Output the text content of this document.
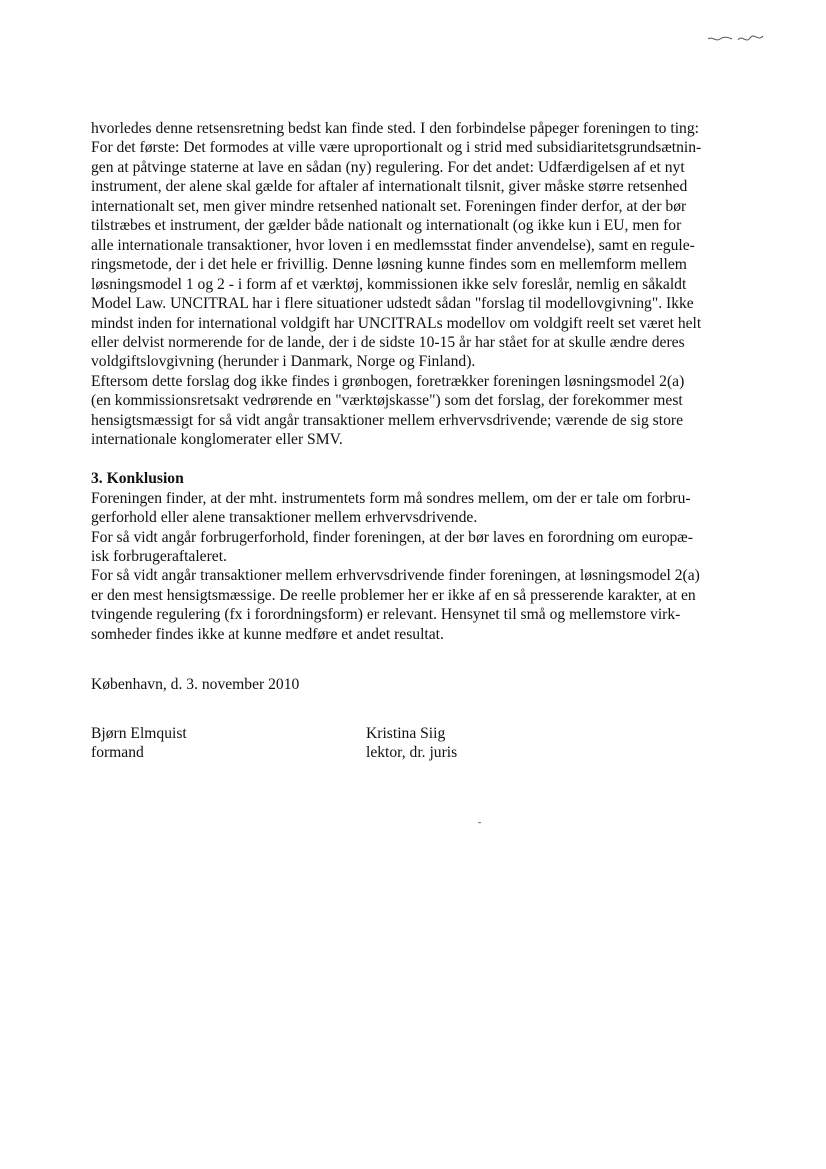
hvorledes denne retsensretning bedst kan finde sted. I den forbindelse påpeger foreningen to ting:
For det første: Det formodes at ville være uproportionalt og i strid med subsidiaritetsgrundsætnin-
gen at påtvinge staterne at lave en sådan (ny) regulering. For det andet: Udfærdigelsen af et nyt
instrument, der alene skal gælde for aftaler af internationalt tilsnit, giver måske større retsenhed
internationalt set, men giver mindre retsenhed nationalt set. Foreningen finder derfor, at der bør
tilstræbes et instrument, der gælder både nationalt og internationalt (og ikke kun i EU, men for
alle internationale transaktioner, hvor loven i en medlemsstat finder anvendelse), samt en regule-
ringsmetode, der i det hele er frivillig. Denne løsning kunne findes som en mellemform mellem
løsningsmodel 1 og 2 - i form af et værktøj, kommissionen ikke selv foreslår, nemlig en såkaldt
Model Law. UNCITRAL har i flere situationer udstedt sådan "forslag til modellovgivning". Ikke
mindst inden for international voldgift har UNCITRALs modellov om voldgift reelt set været helt
eller delvist normerende for de lande, der i de sidste 10-15 år har stået for at skulle ændre deres
voldgiftslovgivning (herunder i Danmark, Norge og Finland).
Eftersom dette forslag dog ikke findes i grønbogen, foretrækker foreningen løsningsmodel 2(a)
(en kommissionsretsakt vedrørende en "værktøjskasse") som det forslag, der forekommer mest
hensigtsmæssigt for så vidt angår transaktioner mellem erhvervsdrivende; værende de sig store
internationale konglomerater eller SMV.
3. Konklusion
Foreningen finder, at der mht. instrumentets form må sondres mellem, om der er tale om forbru-
gerforhold eller alene transaktioner mellem erhvervsdrivende.
For så vidt angår forbrugerforhold, finder foreningen, at der bør laves en forordning om europæ-
isk forbrugeraftaleret.
For så vidt angår transaktioner mellem erhvervsdrivende finder foreningen, at løsningsmodel 2(a)
er den mest hensigtsmæssige. De reelle problemer her er ikke af en så presserende karakter, at en
tvingende regulering (fx i forordningsform) er relevant. Hensynet til små og mellemstore virk-
somheder findes ikke at kunne medføre et andet resultat.
København, d. 3. november 2010
Bjørn Elmquist
formand
Kristina Siig
lektor, dr. juris
